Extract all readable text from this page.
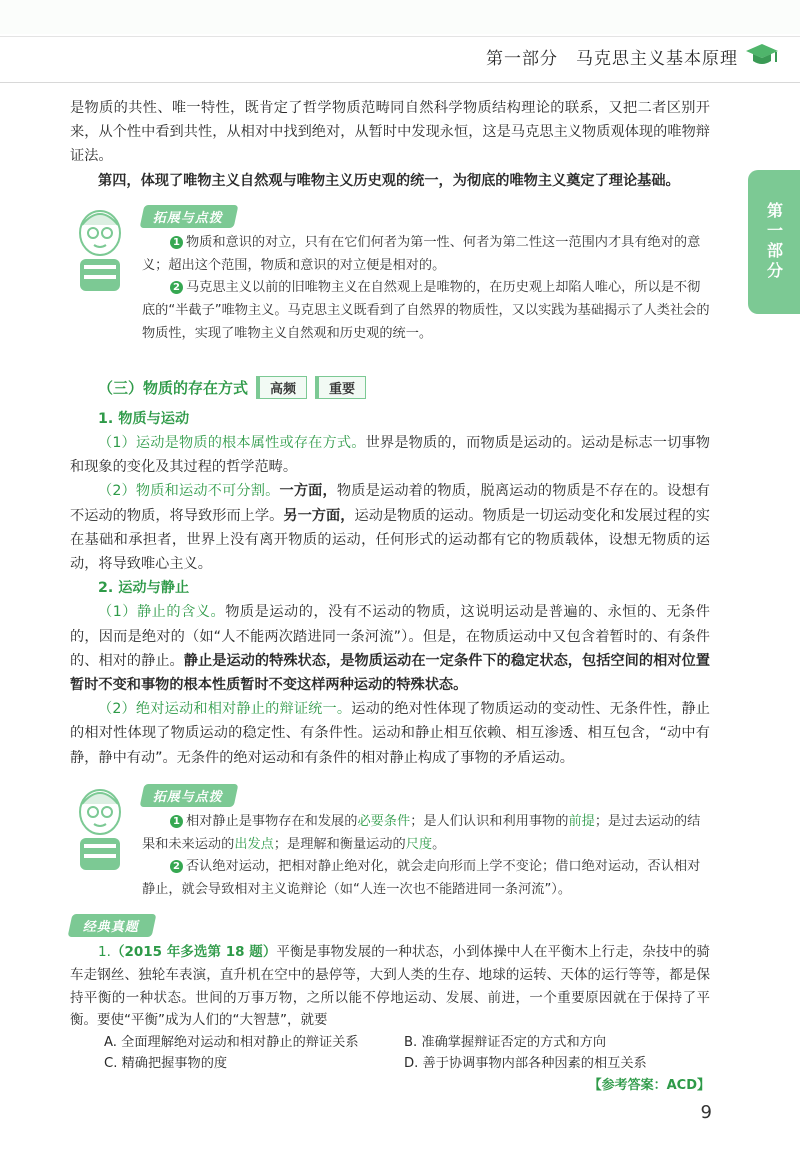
第一部分　马克思主义基本原理
第一部分

是物质的共性、唯一特性，既肯定了哲学物质范畴同自然科学物质结构理论的联系，又把二者区别开来，从个性中看到共性，从相对中找到绝对，从暂时中发现永恒，这是马克思主义物质观体现的唯物辩证法。

第四，体现了唯物主义自然观与唯物主义历史观的统一，为彻底的唯物主义奠定了理论基础。

拓展与点拨

1 物质和意识的对立，只有在它们何者为第一性、何者为第二性这一范围内才具有绝对的意义；超出这个范围，物质和意识的对立便是相对的。

2 马克思主义以前的旧唯物主义在自然观上是唯物的，在历史观上却陷人唯心，所以是不彻底的“半截子”唯物主义。马克思主义既看到了自然界的物质性，又以实践为基础揭示了人类社会的物质性，实现了唯物主义自然观和历史观的统一。

（三）物质的存在方式	高频	重要

1. 物质与运动

（1）运动是物质的根本属性或存在方式。世界是物质的，而物质是运动的。运动是标志一切事物和现象的变化及其过程的哲学范畴。

（2）物质和运动不可分割。一方面，物质是运动着的物质，脱离运动的物质是不存在的。设想有不运动的物质，将导致形而上学。另一方面，运动是物质的运动。物质是一切运动变化和发展过程的实在基础和承担者，世界上没有离开物质的运动，任何形式的运动都有它的物质载体，设想无物质的运动，将导致唯心主义。

2. 运动与静止

（1）静止的含义。物质是运动的，没有不运动的物质，这说明运动是普遍的、永恒的、无条件的，因而是绝对的（如“人不能两次踏进同一条河流”）。但是，在物质运动中又包含着暂时的、有条件的、相对的静止。静止是运动的特殊状态，是物质运动在一定条件下的稳定状态，包括空间的相对位置暂时不变和事物的根本性质暂时不变这样两种运动的特殊状态。

（2）绝对运动和相对静止的辩证统一。运动的绝对性体现了物质运动的变动性、无条件性，静止的相对性体现了物质运动的稳定性、有条件性。运动和静止相互依赖、相互渗透、相互包含，“动中有静，静中有动”。无条件的绝对运动和有条件的相对静止构成了事物的矛盾运动。

拓展与点拨

1 相对静止是事物存在和发展的必要条件；是人们认识和利用事物的前提；是过去运动的结果和未来运动的出发点；是理解和衡量运动的尺度。

2 否认绝对运动，把相对静止绝对化，就会走向形而上学不变论；借口绝对运动，否认相对静止，就会导致相对主义诡辩论（如“人连一次也不能踏进同一条河流”）。

经典真题

1.（2015 年多选第 18 题）平衡是事物发展的一种状态，小到体操中人在平衡木上行走，杂技中的骑车走钢丝、独轮车表演，直升机在空中的悬停等，大到人类的生存、地球的运转、天体的运行等等，都是保持平衡的一种状态。世间的万事万物，之所以能不停地运动、发展、前进，一个重要原因就在于保持了平衡。要使“平衡”成为人们的“大智慧”，就要

A. 全面理解绝对运动和相对静止的辩证关系	B. 准确掌握辩证否定的方式和方向
C. 精确把握事物的度	D. 善于协调事物内部各种因素的相互关系

【参考答案：ACD】

9
